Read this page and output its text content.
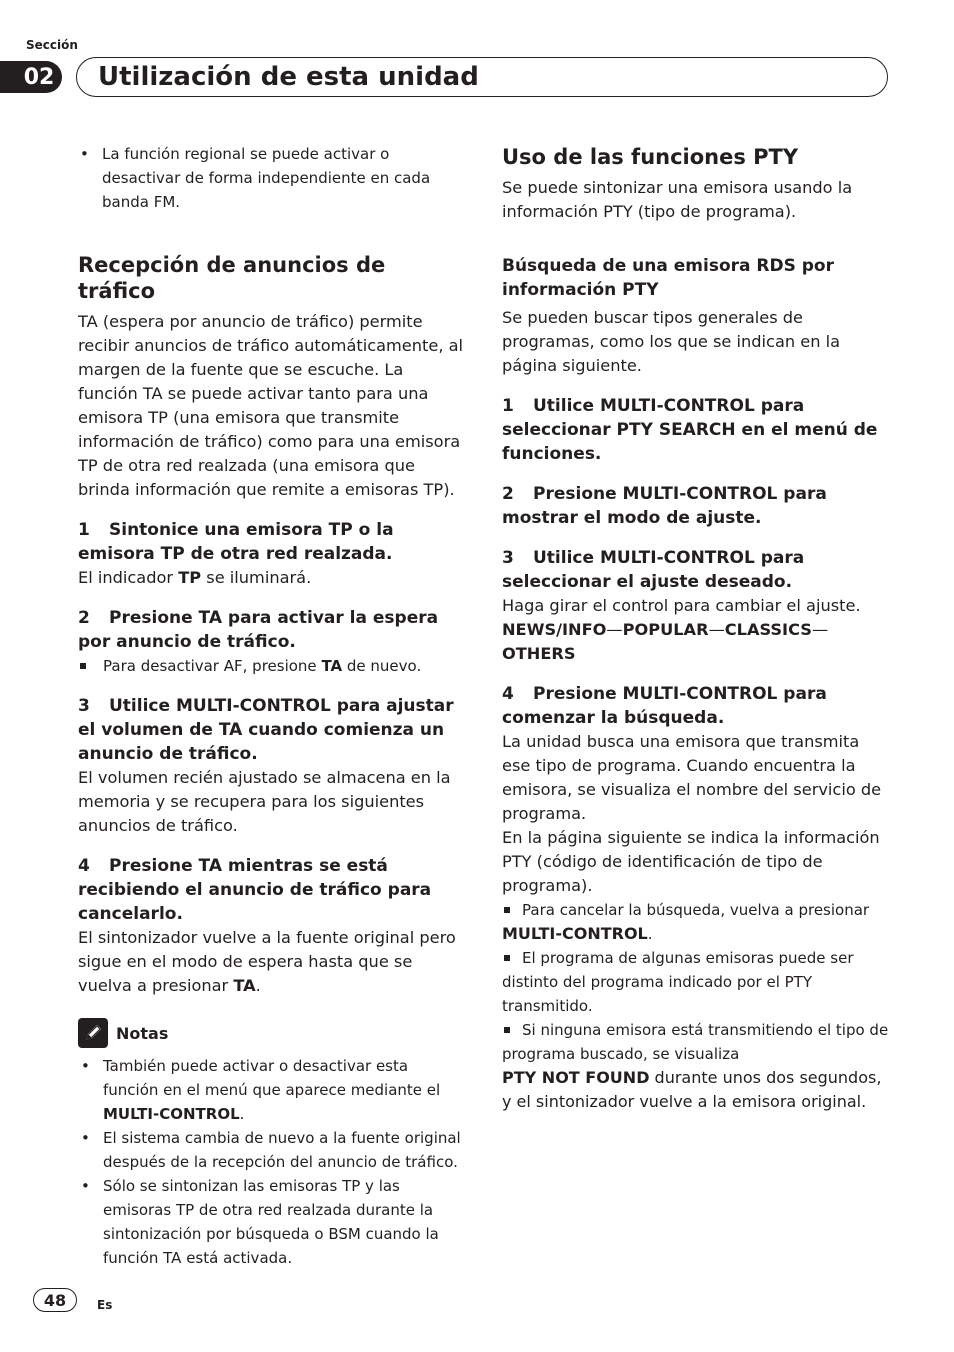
Sección
02 Utilización de esta unidad
• La función regional se puede activar o desactivar de forma independiente en cada banda FM.
Recepción de anuncios de tráfico
TA (espera por anuncio de tráfico) permite recibir anuncios de tráfico automáticamente, al margen de la fuente que se escuche. La función TA se puede activar tanto para una emisora TP (una emisora que transmite información de tráfico) como para una emisora TP de otra red realzada (una emisora que brinda información que remite a emisoras TP).
1 Sintonice una emisora TP o la emisora TP de otra red realzada.
El indicador TP se iluminará.
2 Presione TA para activar la espera por anuncio de tráfico.
Para desactivar AF, presione TA de nuevo.
3 Utilice MULTI-CONTROL para ajustar el volumen de TA cuando comienza un anuncio de tráfico.
El volumen recién ajustado se almacena en la memoria y se recupera para los siguientes anuncios de tráfico.
4 Presione TA mientras se está recibiendo el anuncio de tráfico para cancelarlo.
El sintonizador vuelve a la fuente original pero sigue en el modo de espera hasta que se vuelva a presionar TA.
Notas
• También puede activar o desactivar esta función en el menú que aparece mediante el MULTI-CONTROL.
• El sistema cambia de nuevo a la fuente original después de la recepción del anuncio de tráfico.
• Sólo se sintonizan las emisoras TP y las emisoras TP de otra red realzada durante la sintonización por búsqueda o BSM cuando la función TA está activada.
Uso de las funciones PTY
Se puede sintonizar una emisora usando la información PTY (tipo de programa).
Búsqueda de una emisora RDS por información PTY
Se pueden buscar tipos generales de programas, como los que se indican en la página siguiente.
1 Utilice MULTI-CONTROL para seleccionar PTY SEARCH en el menú de funciones.
2 Presione MULTI-CONTROL para mostrar el modo de ajuste.
3 Utilice MULTI-CONTROL para seleccionar el ajuste deseado.
Haga girar el control para cambiar el ajuste.
NEWS/INFO—POPULAR—CLASSICS—
OTHERS
4 Presione MULTI-CONTROL para comenzar la búsqueda.
La unidad busca una emisora que transmita ese tipo de programa. Cuando encuentra la emisora, se visualiza el nombre del servicio de programa.
En la página siguiente se indica la información PTY (código de identificación de tipo de programa).
Para cancelar la búsqueda, vuelva a presionar
MULTI-CONTROL.
El programa de algunas emisoras puede ser distinto del programa indicado por el PTY transmitido.
Si ninguna emisora está transmitiendo el tipo de programa buscado, se visualiza
PTY NOT FOUND durante unos dos segundos, y el sintonizador vuelve a la emisora original.
48	Es
